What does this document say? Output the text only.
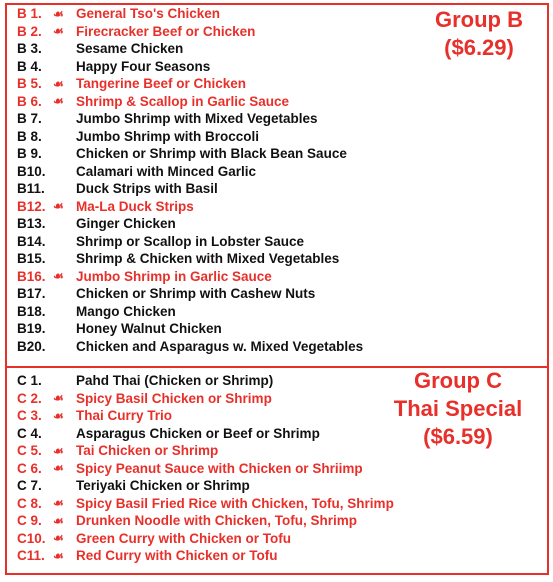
Group B
($6.29)
Group C
Thai Special
($6.59)
B 1. ☙ General Tso's Chicken
B 2. ☙ Firecracker Beef or Chicken
B 3.	Sesame Chicken
B 4.	Happy Four Seasons
B 5. ☙ Tangerine Beef or Chicken
B 6. ☙ Shrimp & Scallop in Garlic Sauce
B 7.	Jumbo Shrimp with Mixed Vegetables
B 8.	Jumbo Shrimp with Broccoli
B 9.	Chicken or Shrimp with Black Bean Sauce
B10.	Calamari with Minced Garlic
B11.	Duck Strips with Basil
B12. ☙ Ma-La Duck Strips
B13.	Ginger Chicken
B14.	Shrimp or Scallop in Lobster Sauce
B15.	Shrimp & Chicken with Mixed Vegetables
B16. ☙ Jumbo Shrimp in Garlic Sauce
B17.	Chicken or Shrimp with Cashew Nuts
B18.	Mango Chicken
B19.	Honey Walnut Chicken
B20.	Chicken and Asparagus w. Mixed Vegetables
C 1.	Pahd Thai (Chicken or Shrimp)
C 2. ☙ Spicy Basil Chicken or Shrimp
C 3. ☙ Thai Curry Trio
C 4.	Asparagus Chicken or Beef or Shrimp
C 5. ☙ Tai Chicken or Shrimp
C 6. ☙ Spicy Peanut Sauce with Chicken or Shriimp
C 7.	Teriyaki Chicken or Shrimp
C 8. ☙ Spicy Basil Fried Rice with Chicken, Tofu, Shrimp
C 9. ☙ Drunken Noodle with Chicken, Tofu, Shrimp
C10. ☙ Green Curry with Chicken or Tofu
C11. ☙ Red Curry with Chicken or Tofu
